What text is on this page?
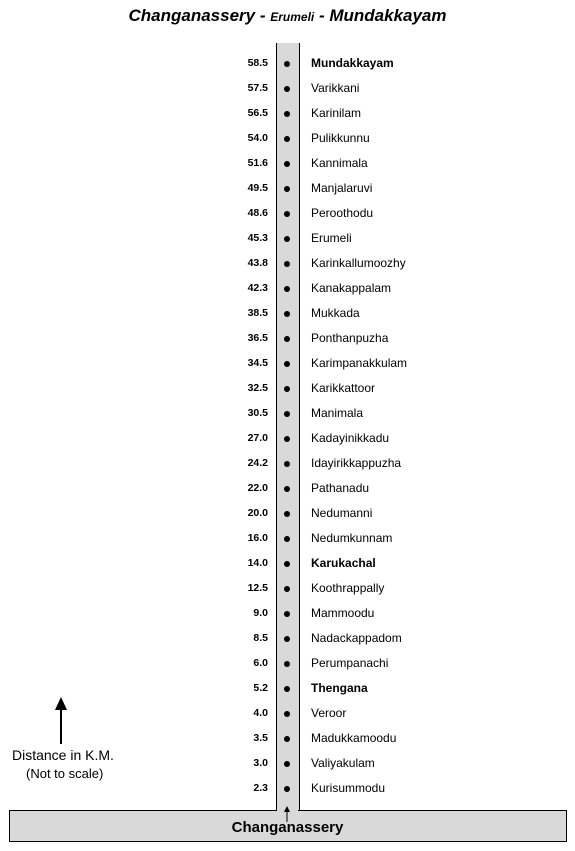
Changanassery - Erumeli - Mundakkayam
Changanassery
58.5	Mundakkayam
57.5	Varikkani
56.5	Karinilam
54.0	Pulikkunnu
51.6	Kannimala
49.5	Manjalaruvi
48.6	Peroothodu
45.3	Erumeli
43.8	Karinkallumoozhy
42.3	Kanakappalam
38.5	Mukkada
36.5	Ponthanpuzha
34.5	Karimpanakkulam
32.5	Karikkattoor
30.5	Manimala
27.0	Kadayinikkadu
24.2	Idayirikkappuzha
22.0	Pathanadu
20.0	Nedumanni
16.0	Nedumkunnam
14.0	Karukachal
12.5	Koothrappally
9.0	Mammoodu
8.5	Nadackappadom
6.0	Perumpanachi
5.2	Thengana
4.0	Veroor
3.5	Madukkamoodu
3.0	Valiyakulam
2.3	Kurisummodu
Distance in K.M.
(Not to scale)
